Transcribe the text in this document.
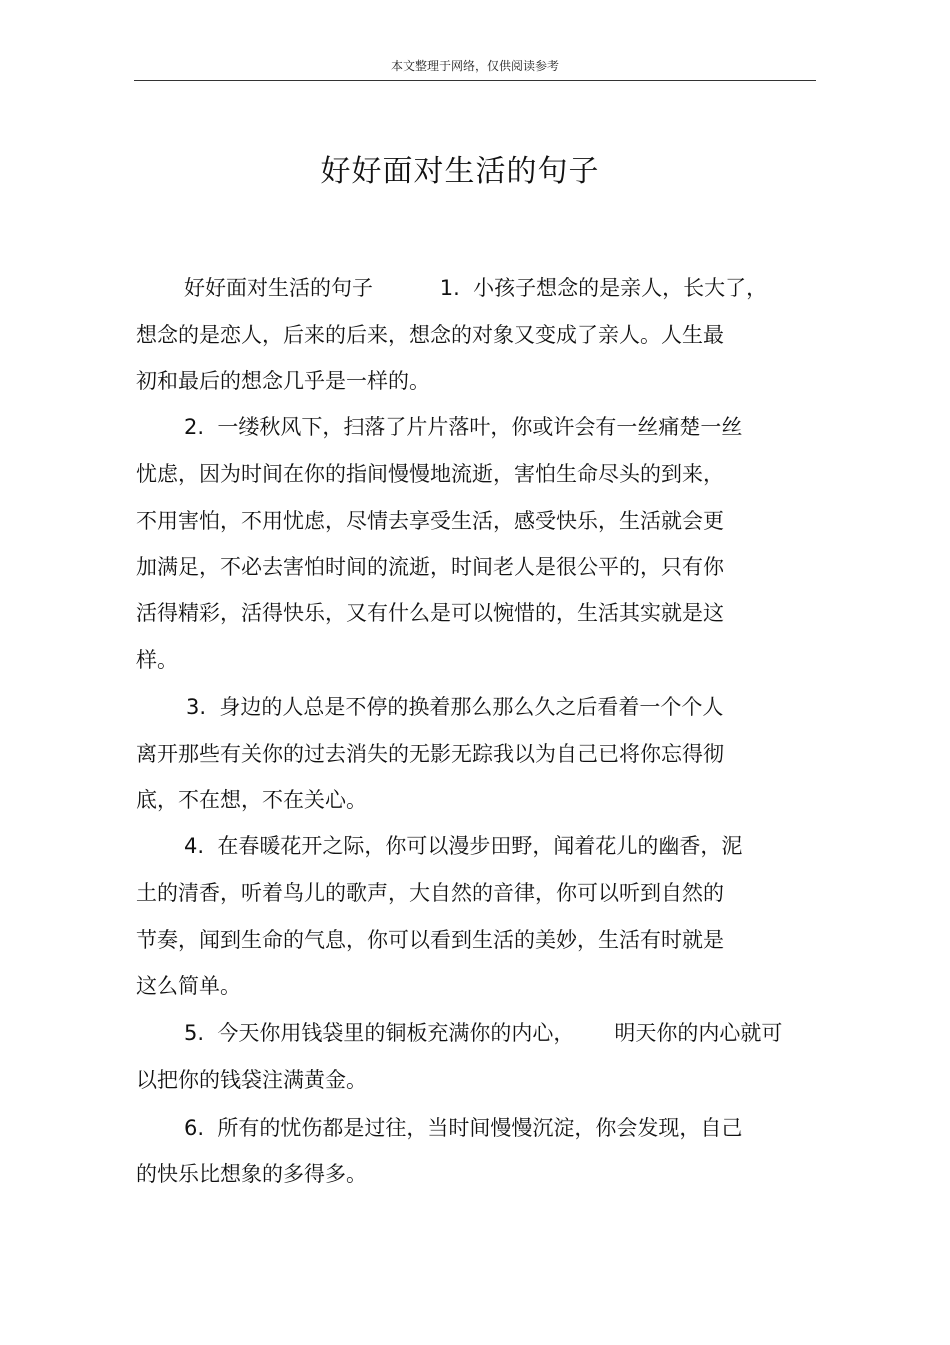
本文整理于网络，仅供阅读参考
好好面对生活的句子
好好面对生活的句子          1.  小孩子想念的是亲人，长大了，
想念的是恋人，后来的后来，想念的对象又变成了亲人。人生最
初和最后的想念几乎是一样的。
2.  一缕秋风下，扫落了片片落叶，你或许会有一丝痛楚一丝
忧虑，因为时间在你的指间慢慢地流逝，害怕生命尽头的到来，
不用害怕，不用忧虑，尽情去享受生活，感受快乐，生活就会更
加满足，不必去害怕时间的流逝，时间老人是很公平的，只有你
活得精彩，活得快乐，又有什么是可以惋惜的，生活其实就是这
样。
3.  身边的人总是不停的换着那么那么久之后看着一个个人
离开那些有关你的过去消失的无影无踪我以为自己已将你忘得彻
底，不在想，不在关心。
4.  在春暖花开之际，你可以漫步田野，闻着花儿的幽香，泥
土的清香，听着鸟儿的歌声，大自然的音律，你可以听到自然的
节奏，闻到生命的气息，你可以看到生活的美妙，生活有时就是
这么简单。
5.  今天你用钱袋里的铜板充满你的内心，      明天你的内心就可
以把你的钱袋注满黄金。
6.  所有的忧伤都是过往，当时间慢慢沉淀，你会发现，自己
的快乐比想象的多得多。
